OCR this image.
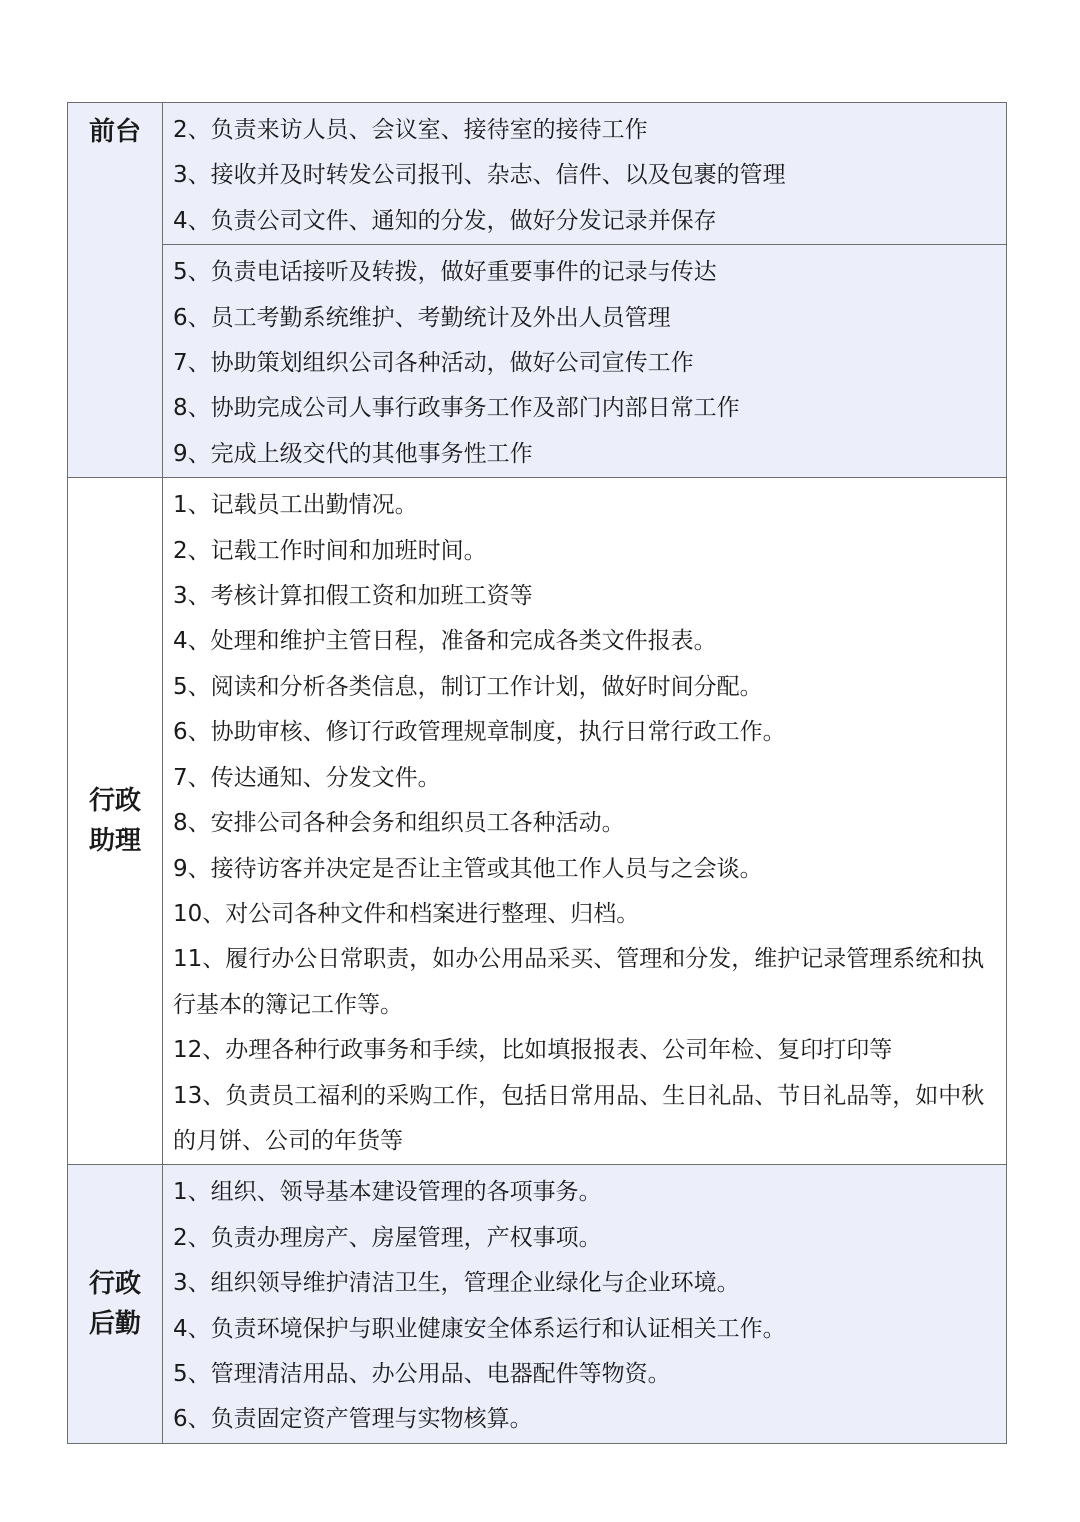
前台 2、负责来访人员、会议室、接待室的接待工作
3、接收并及时转发公司报刊、杂志、信件、以及包裹的管理
4、负责公司文件、通知的分发，做好分发记录并保存
5、负责电话接听及转拨，做好重要事件的记录与传达
6、员工考勤系统维护、考勤统计及外出人员管理
7、协助策划组织公司各种活动，做好公司宣传工作
8、协助完成公司人事行政事务工作及部门内部日常工作
9、完成上级交代的其他事务性工作
行政助理
1、记载员工出勤情况。
2、记载工作时间和加班时间。
3、考核计算扣假工资和加班工资等
4、处理和维护主管日程，准备和完成各类文件报表。
5、阅读和分析各类信息，制订工作计划，做好时间分配。
6、协助审核、修订行政管理规章制度，执行日常行政工作。
7、传达通知、分发文件。
8、安排公司各种会务和组织员工各种活动。
9、接待访客并决定是否让主管或其他工作人员与之会谈。
10、对公司各种文件和档案进行整理、归档。
11、履行办公日常职责，如办公用品采买、管理和分发，维护记录管理系统和执行基本的簿记工作等。
12、办理各种行政事务和手续，比如填报报表、公司年检、复印打印等
13、负责员工福利的采购工作，包括日常用品、生日礼品、节日礼品等，如中秋的月饼、公司的年货等
行政后勤
1、组织、领导基本建设管理的各项事务。
2、负责办理房产、房屋管理，产权事项。
3、组织领导维护清洁卫生，管理企业绿化与企业环境。
4、负责环境保护与职业健康安全体系运行和认证相关工作。
5、管理清洁用品、办公用品、电器配件等物资。
6、负责固定资产管理与实物核算。
